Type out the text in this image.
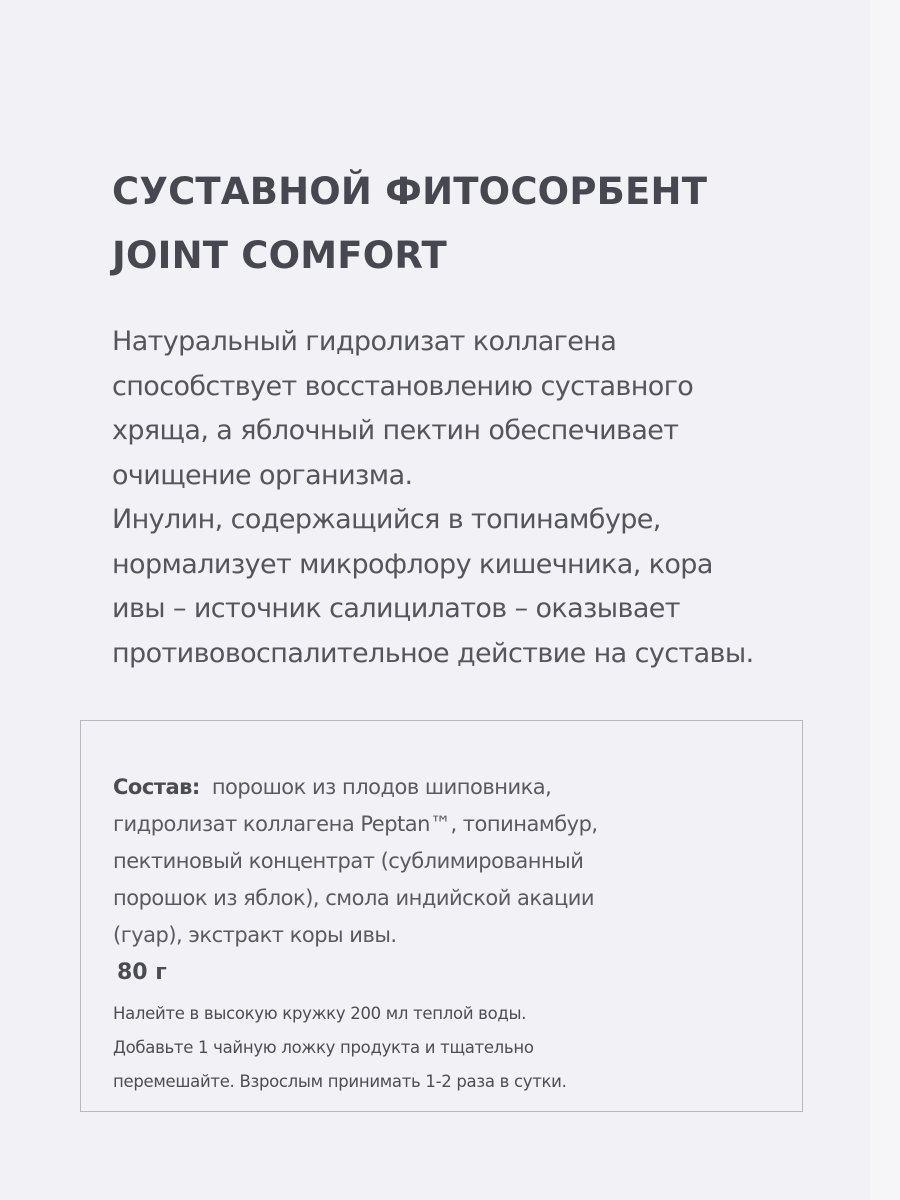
СУСТАВНОЙ ФИТОСОРБЕНТ
JOINT COMFORT
Натуральный гидролизат коллагена
способствует восстановлению суставного
хряща, а яблочный пектин обеспечивает
очищение организма.
Инулин, содержащийся в топинамбуре,
нормализует микрофлору кишечника, кора
ивы – источник салицилатов – оказывает
противовоспалительное действие на суставы.
Состав: порошок из плодов шиповника,
гидролизат коллагена Peptan™, топинамбур,
пектиновый концентрат (сублимированный
порошок из яблок), смола индийской акации
(гуар), экстракт коры ивы.
80 г
Налейте в высокую кружку 200 мл теплой воды.
Добавьте 1 чайную ложку продукта и тщательно
перемешайте. Взрослым принимать 1-2 раза в сутки.
